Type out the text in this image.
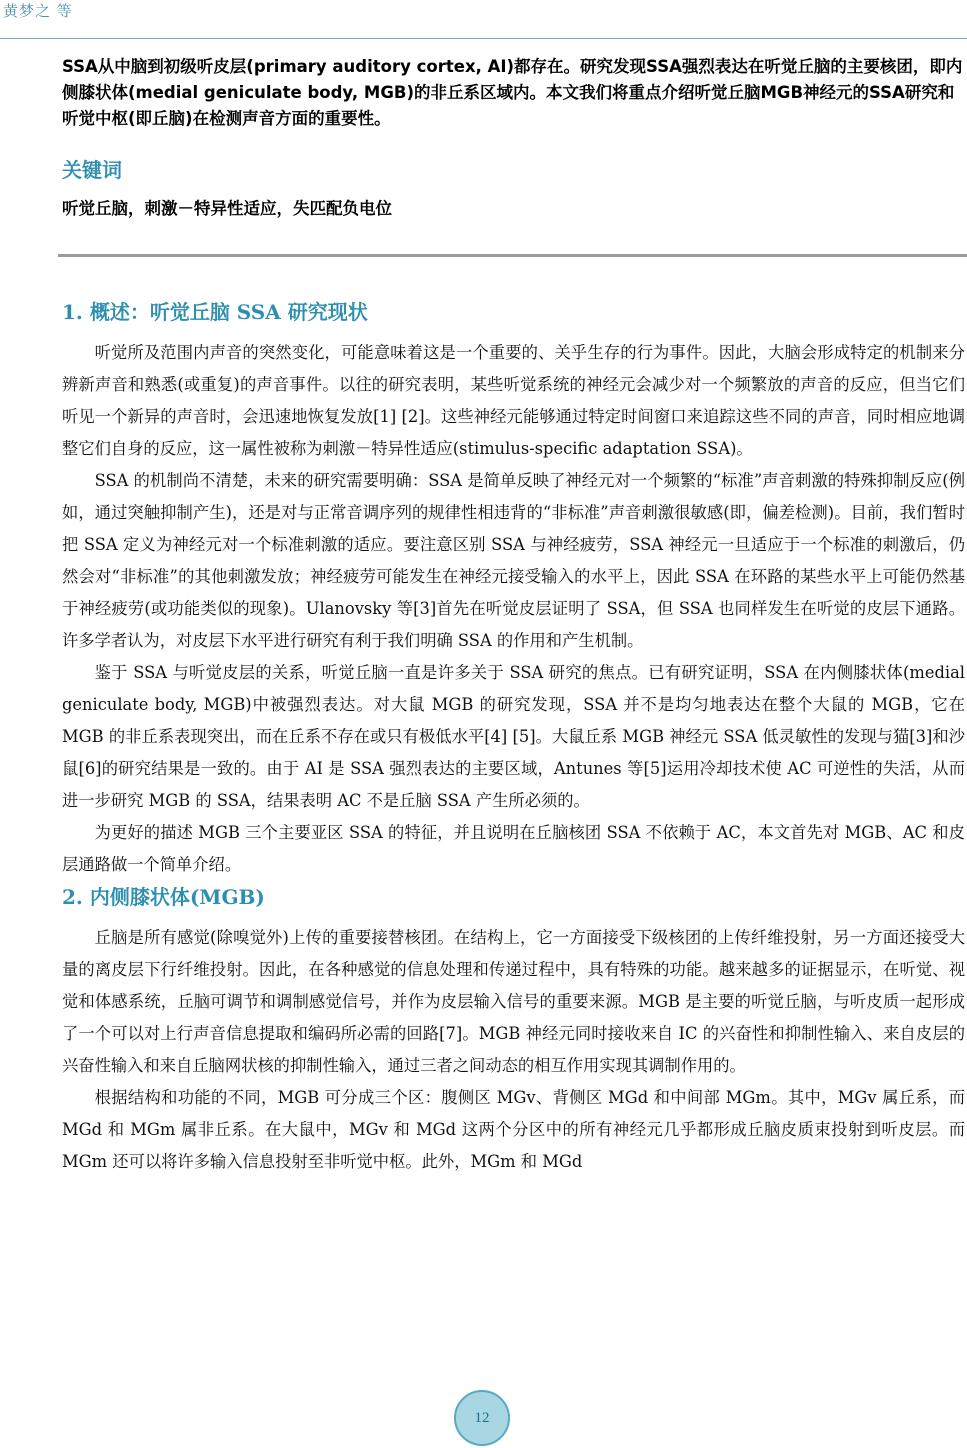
黄梦之 等

SSA从中脑到初级听皮层(primary auditory cortex, AI)都存在。研究发现SSA强烈表达在听觉丘脑的主要核团，即内侧膝状体(medial geniculate body, MGB)的非丘系区域内。本文我们将重点介绍听觉丘脑MGB神经元的SSA研究和听觉中枢(即丘脑)在检测声音方面的重要性。

关键词

听觉丘脑，刺激－特异性适应，失匹配负电位

1. 概述：听觉丘脑 SSA 研究现状

听觉所及范围内声音的突然变化，可能意味着这是一个重要的、关乎生存的行为事件。因此，大脑会形成特定的机制来分辨新声音和熟悉(或重复)的声音事件。以往的研究表明，某些听觉系统的神经元会减少对一个频繁放的声音的反应，但当它们听见一个新异的声音时，会迅速地恢复发放[1] [2]。这些神经元能够通过特定时间窗口来追踪这些不同的声音，同时相应地调整它们自身的反应，这一属性被称为刺激－特异性适应(stimulus-specific adaptation SSA)。

SSA 的机制尚不清楚，未来的研究需要明确：SSA 是简单反映了神经元对一个频繁的“标准”声音刺激的特殊抑制反应(例如，通过突触抑制产生)，还是对与正常音调序列的规律性相违背的“非标准”声音刺激很敏感(即，偏差检测)。目前，我们暂时把 SSA 定义为神经元对一个标准刺激的适应。要注意区别 SSA 与神经疲劳，SSA 神经元一旦适应于一个标准的刺激后，仍然会对“非标准”的其他刺激发放；神经疲劳可能发生在神经元接受输入的水平上，因此 SSA 在环路的某些水平上可能仍然基于神经疲劳(或功能类似的现象)。Ulanovsky 等[3]首先在听觉皮层证明了 SSA，但 SSA 也同样发生在听觉的皮层下通路。许多学者认为，对皮层下水平进行研究有利于我们明确 SSA 的作用和产生机制。

鉴于 SSA 与听觉皮层的关系，听觉丘脑一直是许多关于 SSA 研究的焦点。已有研究证明，SSA 在内侧膝状体(medial geniculate body, MGB)中被强烈表达。对大鼠 MGB 的研究发现，SSA 并不是均匀地表达在整个大鼠的 MGB，它在 MGB 的非丘系表现突出，而在丘系不存在或只有极低水平[4] [5]。大鼠丘系 MGB 神经元 SSA 低灵敏性的发现与猫[3]和沙鼠[6]的研究结果是一致的。由于 AI 是 SSA 强烈表达的主要区域，Antunes 等[5]运用冷却技术使 AC 可逆性的失活，从而进一步研究 MGB 的 SSA，结果表明 AC 不是丘脑 SSA 产生所必须的。

为更好的描述 MGB 三个主要亚区 SSA 的特征，并且说明在丘脑核团 SSA 不依赖于 AC，本文首先对 MGB、AC 和皮层通路做一个简单介绍。

2. 内侧膝状体(MGB)

丘脑是所有感觉(除嗅觉外)上传的重要接替核团。在结构上，它一方面接受下级核团的上传纤维投射，另一方面还接受大量的离皮层下行纤维投射。因此，在各种感觉的信息处理和传递过程中，具有特殊的功能。越来越多的证据显示，在听觉、视觉和体感系统，丘脑可调节和调制感觉信号，并作为皮层输入信号的重要来源。MGB 是主要的听觉丘脑，与听皮质一起形成了一个可以对上行声音信息提取和编码所必需的回路[7]。MGB 神经元同时接收来自 IC 的兴奋性和抑制性输入、来自皮层的兴奋性输入和来自丘脑网状核的抑制性输入，通过三者之间动态的相互作用实现其调制作用的。

根据结构和功能的不同，MGB 可分成三个区：腹侧区 MGv、背侧区 MGd 和中间部 MGm。其中，MGv 属丘系，而 MGd 和 MGm 属非丘系。在大鼠中，MGv 和 MGd 这两个分区中的所有神经元几乎都形成丘脑皮质束投射到听皮层。而 MGm 还可以将许多输入信息投射至非听觉中枢。此外，MGm 和 MGd

12
